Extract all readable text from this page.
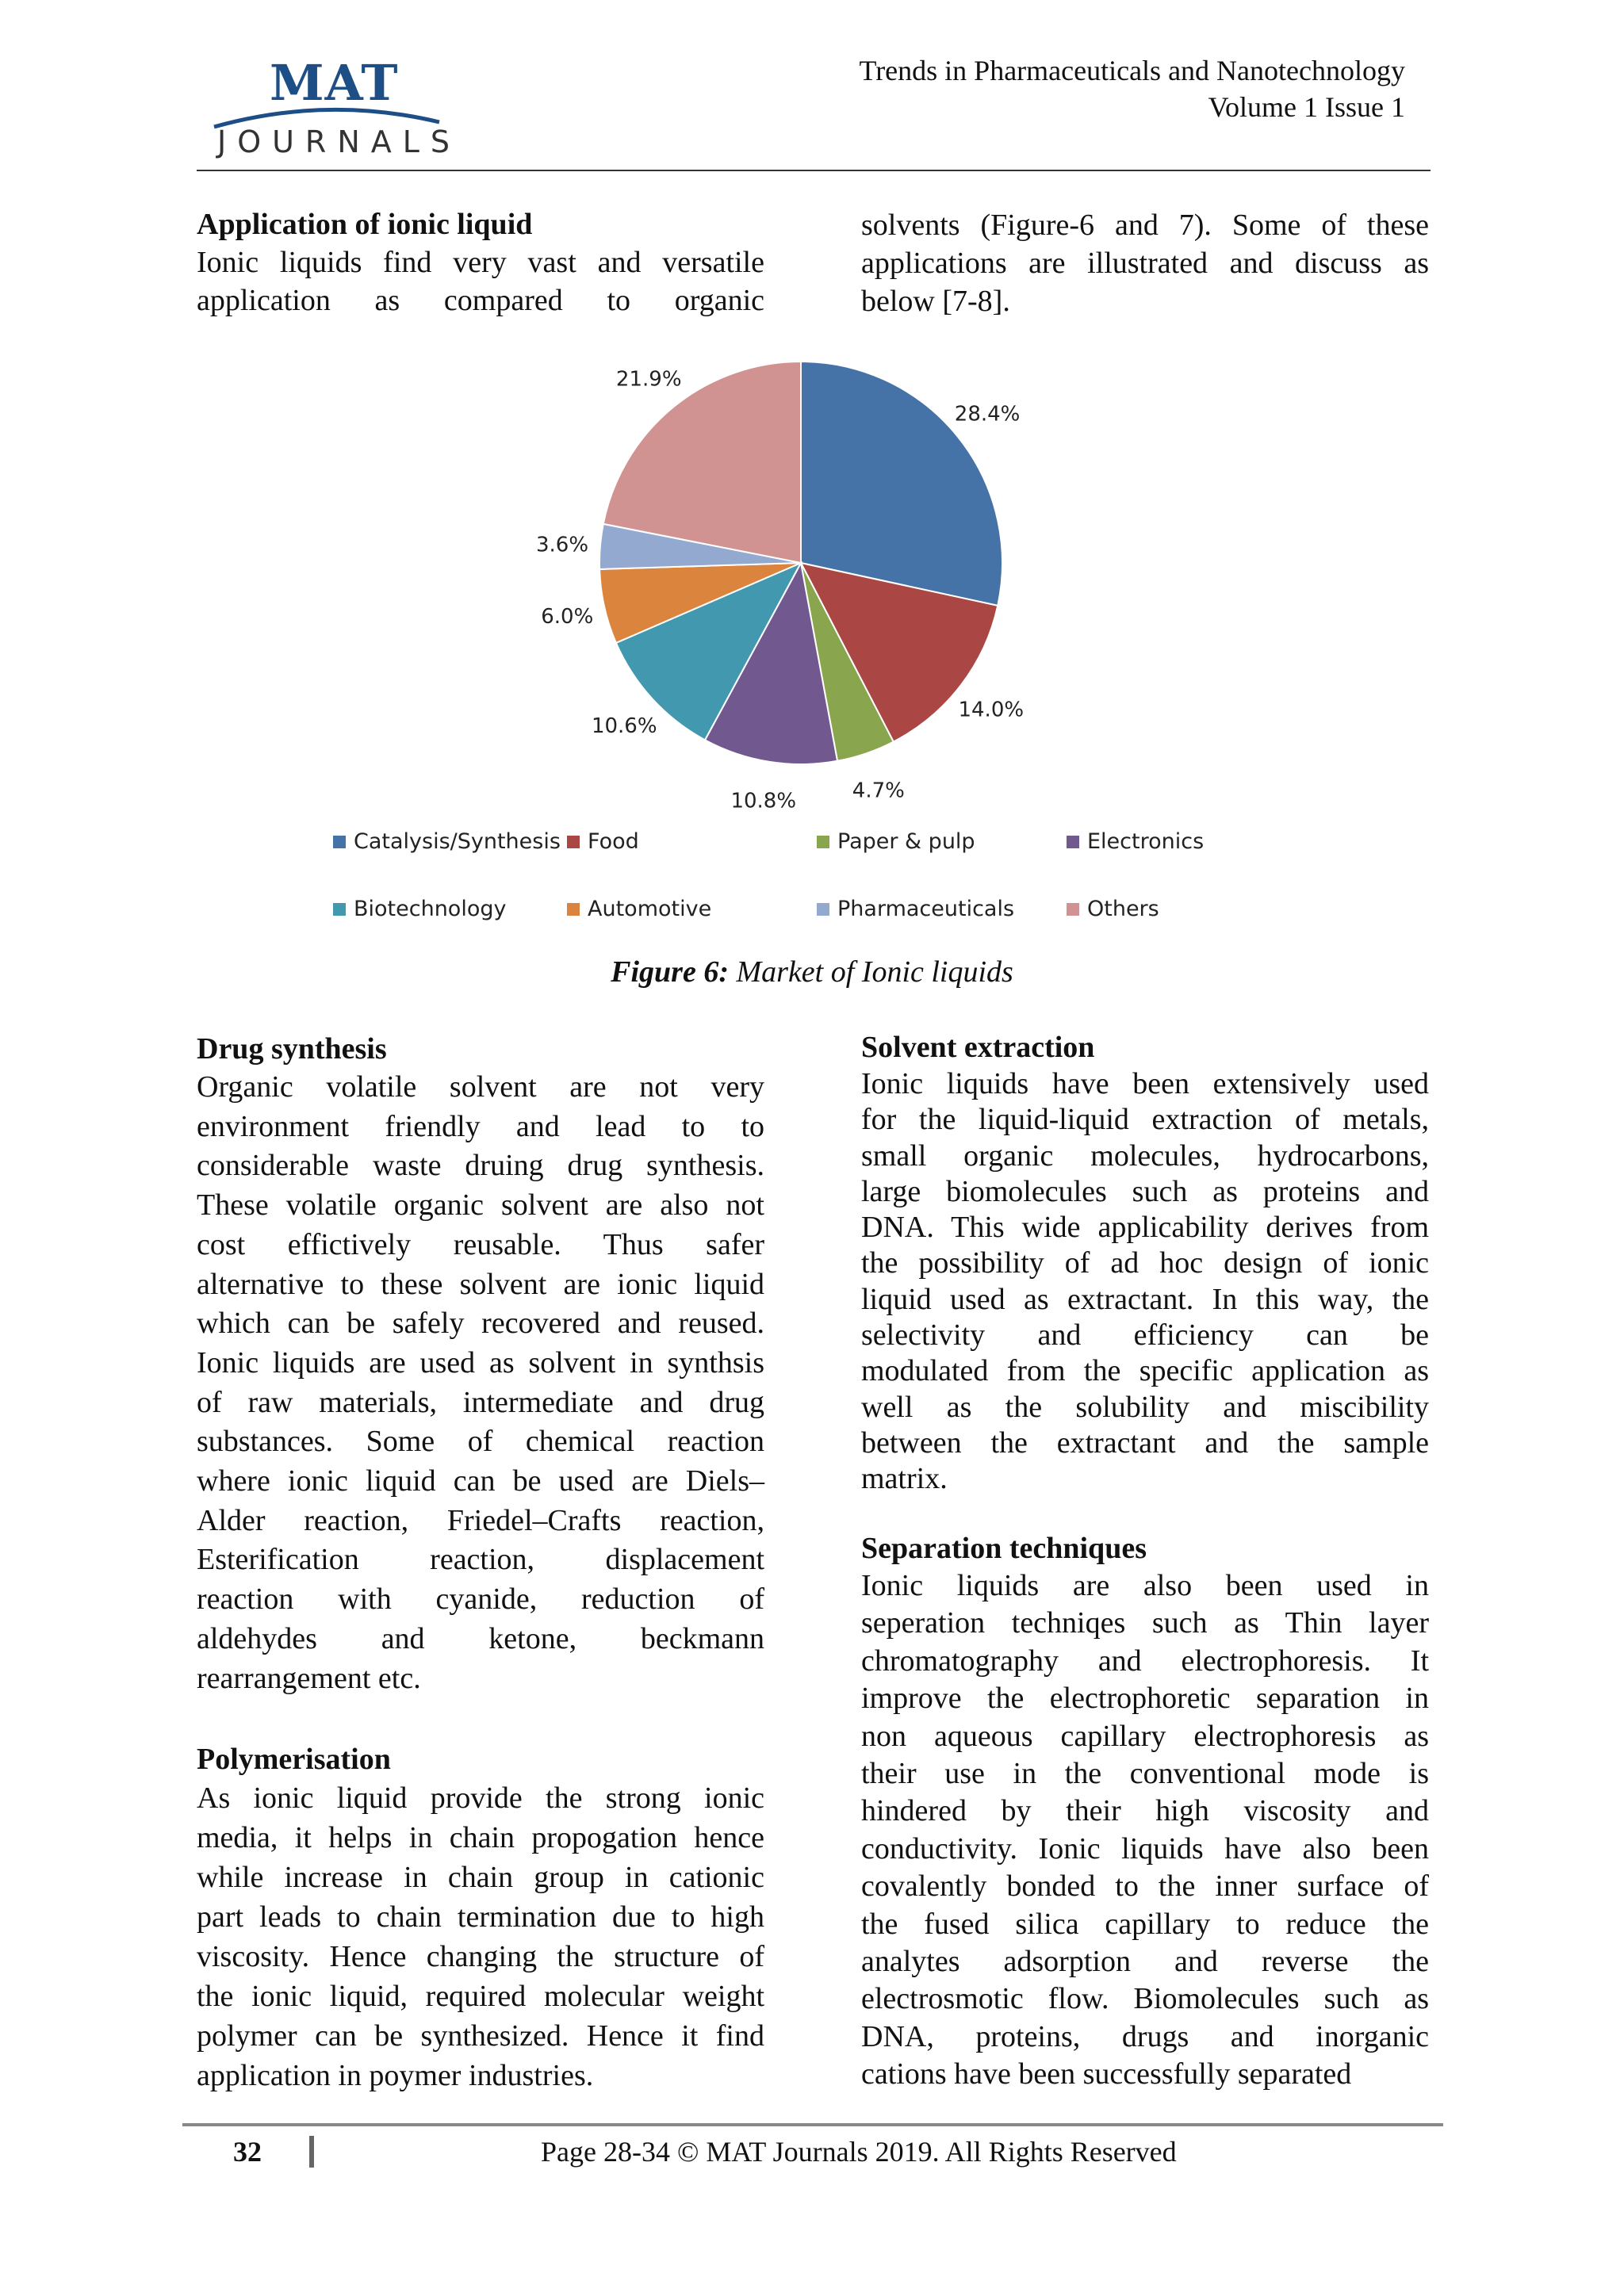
MAT
JOURNALS
Trends in Pharmaceuticals and Nanotechnology
Volume 1 Issue 1

Application of ionic liquid

Ionic liquids find very vast and versatile
application as compared to organic
solvents (Figure-6 and 7). Some of these
applications are illustrated and discuss as
below [7-8].
28.4%
14.0%
4.7%
10.8%
10.6%
6.0%
3.6%
21.9%
Catalysis/Synthesis Food	Paper & pulp	Electronics
Biotechnology	Automotive	Pharmaceuticals	Others
Figure 6: Market of Ionic liquids

Drug synthesis

Organic volatile solvent are not very
environment friendly and lead to to
considerable waste druing drug synthesis.
These volatile organic solvent are also not
cost effictively reusable. Thus safer
alternative to these solvent are ionic liquid
which can be safely recovered and reused.
Ionic liquids are used as solvent in synthsis
of raw materials, intermediate and drug
substances. Some of chemical reaction
where ionic liquid can be used are Diels–
Alder reaction, Friedel–Crafts reaction,
Esterification reaction, displacement
reaction with cyanide, reduction of
aldehydes and ketone, beckmann
rearrangement etc.

Polymerisation

As ionic liquid provide the strong ionic
media, it helps in chain propogation hence
while increase in chain group in cationic
part leads to chain termination due to high
viscosity. Hence changing the structure of
the ionic liquid, required molecular weight
polymer can be synthesized. Hence it find
application in poymer industries.

Solvent extraction

Ionic liquids have been extensively used
for the liquid-liquid extraction of metals,
small organic molecules, hydrocarbons,
large biomolecules such as proteins and
DNA. This wide applicability derives from
the possibility of ad hoc design of ionic
liquid used as extractant. In this way, the
selectivity and efficiency can be
modulated from the specific application as
well as the solubility and miscibility
between the extractant and the sample
matrix.

Separation techniques

Ionic liquids are also been used in
seperation techniqes such as Thin layer
chromatography and electrophoresis. It
improve the electrophoretic separation in
non aqueous capillary electrophoresis as
their use in the conventional mode is
hindered by their high viscosity and
conductivity. Ionic liquids have also been
covalently bonded to the inner surface of
the fused silica capillary to reduce the
analytes adsorption and reverse the
electrosmotic flow. Biomolecules such as
DNA, proteins, drugs and inorganic
cations have been successfully separated
32	Page 28-34 © MAT Journals 2019. All Rights Reserved
